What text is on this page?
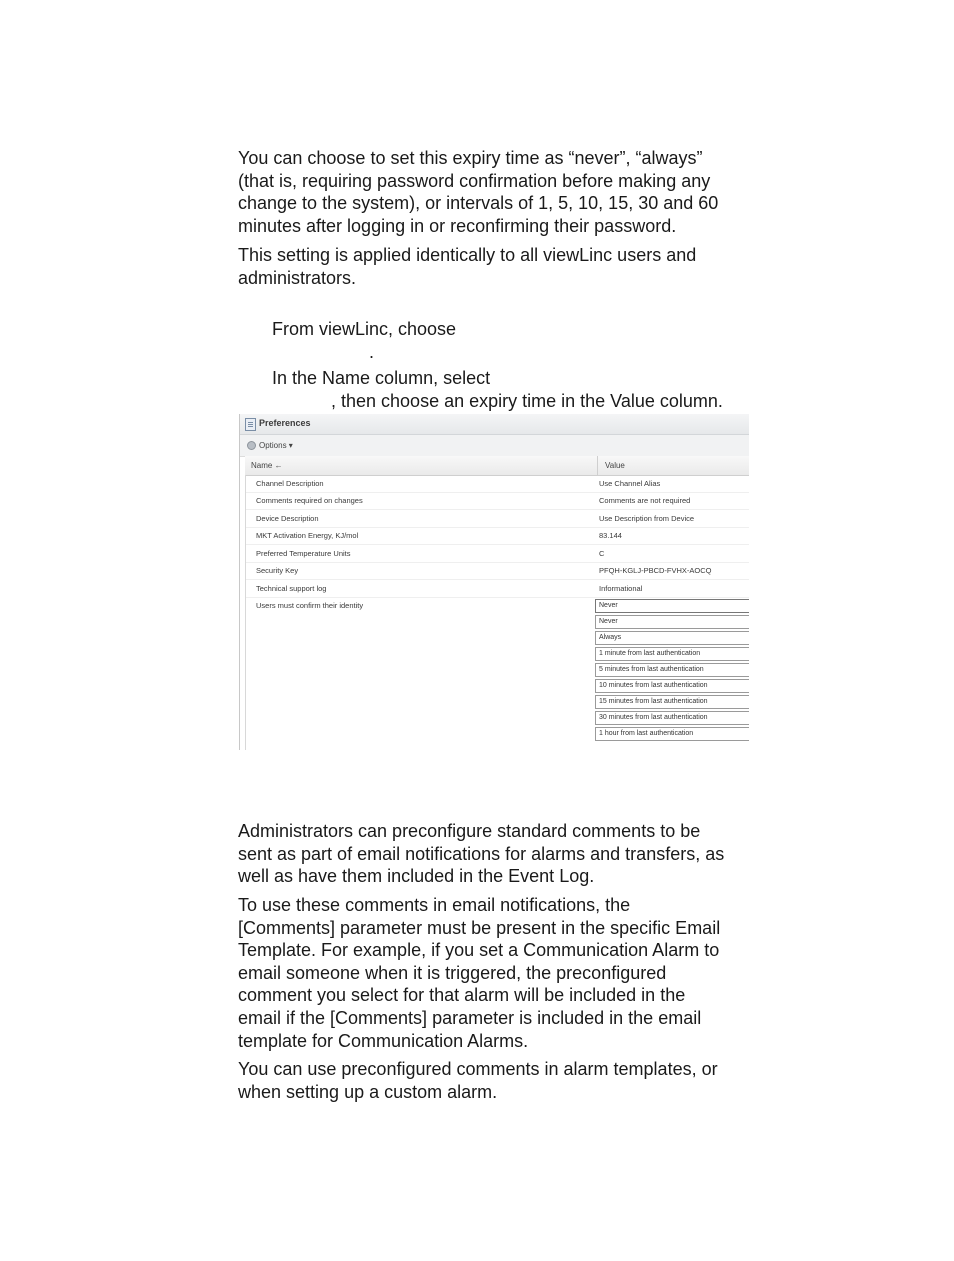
You can choose to set this expiry time as “never”, “always”
(that is, requiring password confirmation before making any
change to the system), or intervals of 1, 5, 10, 15, 30 and 60
minutes after logging in or reconfirming their password.

This setting is applied identically to all viewLinc users and
administrators.

From viewLinc, choose
.

In the Name column, select
, then choose an expiry time in the Value column.

Preferences
Options ▾
Name ←	Value
Channel Description	Use Channel Alias
Comments required on changes	Comments are not required
Device Description	Use Description from Device
MKT Activation Energy, KJ/mol	83.144
Preferred Temperature Units	C
Security Key	PFQH-KGLJ-PBCD-FVHX-AOCQ
Technical support log	Informational
Users must confirm their identity	Never
Never
Always
1 minute from last authentication
5 minutes from last authentication
10 minutes from last authentication
15 minutes from last authentication
30 minutes from last authentication
1 hour from last authentication

Administrators can preconfigure standard comments to be
sent as part of email notifications for alarms and transfers, as
well as have them included in the Event Log.

To use these comments in email notifications, the
[Comments] parameter must be present in the specific Email
Template. For example, if you set a Communication Alarm to
email someone when it is triggered, the preconfigured
comment you select for that alarm will be included in the
email if the [Comments] parameter is included in the email
template for Communication Alarms.

You can use preconfigured comments in alarm templates, or
when setting up a custom alarm.
